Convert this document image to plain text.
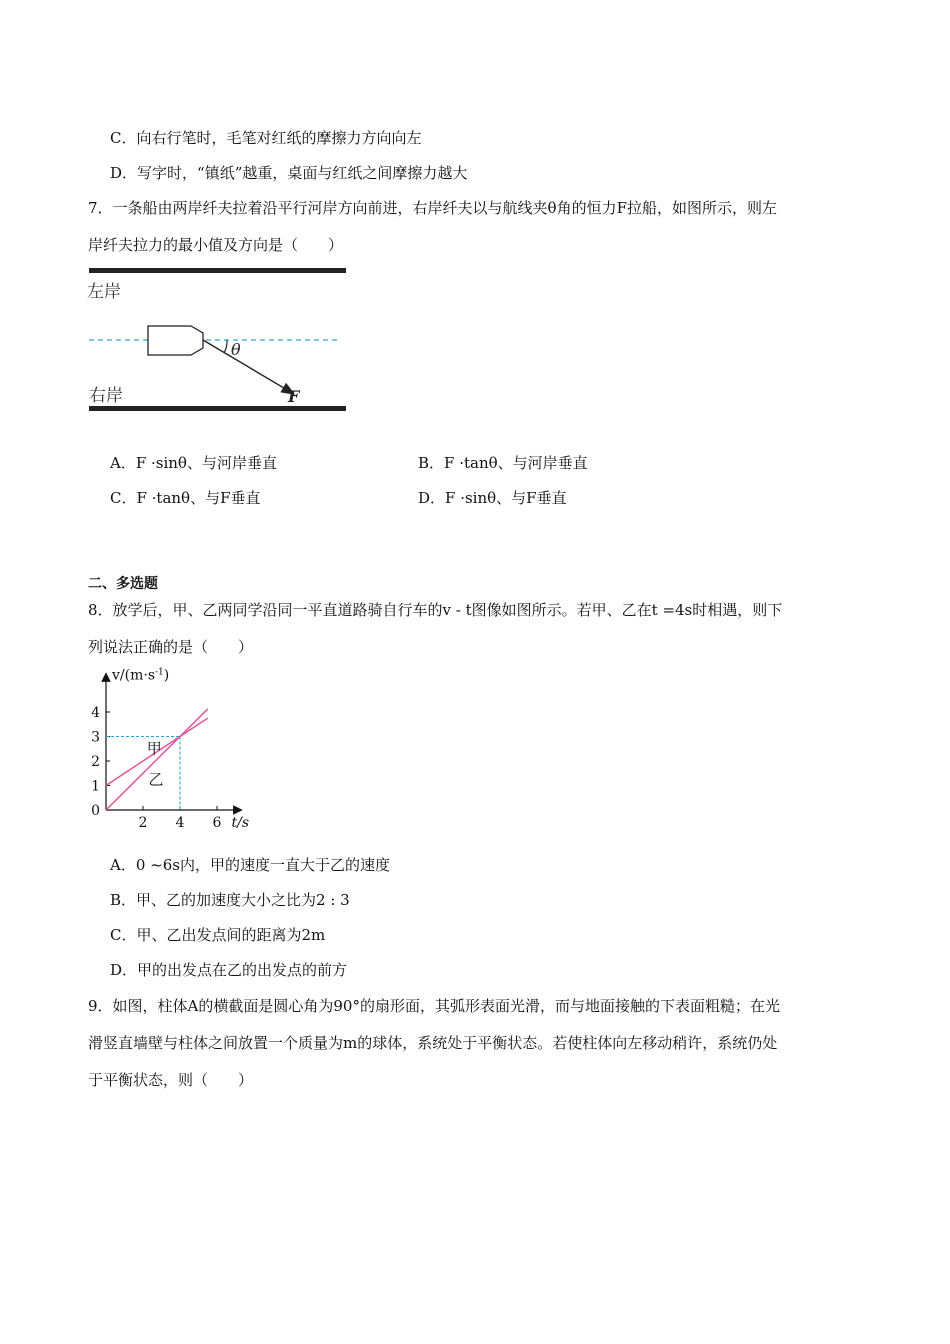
C．向右行笔时，毛笔对红纸的摩擦力方向向左
D．写字时，“镇纸”越重，桌面与红纸之间摩擦力越大
7．一条船由两岸纤夫拉着沿平行河岸方向前进，右岸纤夫以与航线夹θ角的恒力F拉船，如图所示，则左
岸纤夫拉力的最小值及方向是（　　）
左岸
θ
F
右岸
A．F ·sinθ、与河岸垂直	B．F ·tanθ、与河岸垂直
C．F ·tanθ、与F垂直	D．F ·sinθ、与F垂直
二、多选题
8．放学后，甲、乙两同学沿同一平直道路骑自行车的v - t图像如图所示。若甲、乙在t =4s时相遇，则下
列说法正确的是（　　）
2 4 6
1
2
3
4
0
$v/(m\cdot s^{-1})$
t/s
甲
乙
A．0 ~6s内，甲的速度一直大于乙的速度
B．甲、乙的加速度大小之比为2 : 3
C．甲、乙出发点间的距离为2m
D．甲的出发点在乙的出发点的前方
9．如图，柱体A的横截面是圆心角为90°的扇形面，其弧形表面光滑，而与地面接触的下表面粗糙；在光
滑竖直墙壁与柱体之间放置一个质量为m的球体，系统处于平衡状态。若使柱体向左移动稍许，系统仍处
于平衡状态，则（　　）
